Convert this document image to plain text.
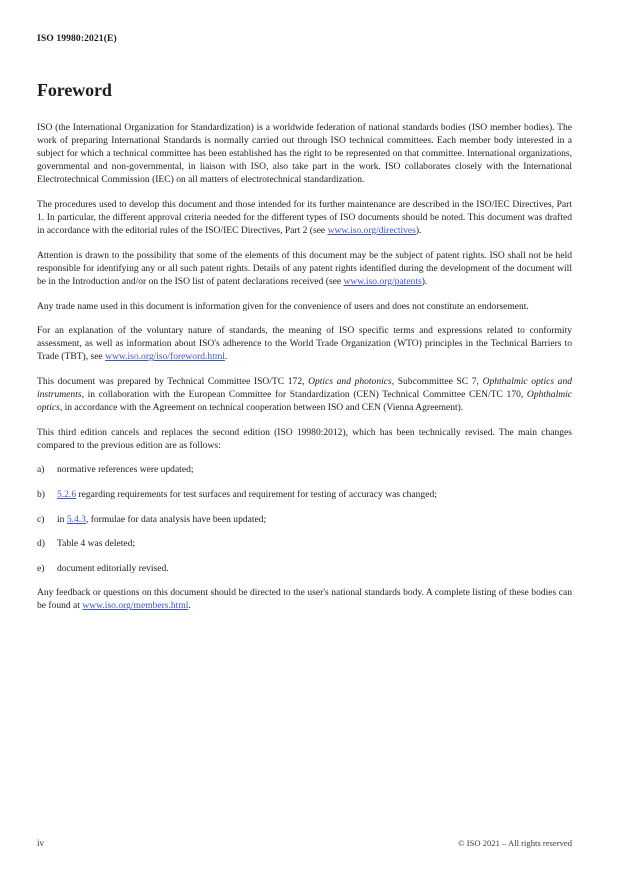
ISO 19980:2021(E)
Foreword

ISO (the International Organization for Standardization) is a worldwide federation of national standards bodies (ISO member bodies). The work of preparing International Standards is normally carried out through ISO technical committees. Each member body interested in a subject for which a technical committee has been established has the right to be represented on that committee. International organizations, governmental and non-governmental, in liaison with ISO, also take part in the work. ISO collaborates closely with the International Electrotechnical Commission (IEC) on all matters of electrotechnical standardization.

The procedures used to develop this document and those intended for its further maintenance are described in the ISO/IEC Directives, Part 1. In particular, the different approval criteria needed for the different types of ISO documents should be noted. This document was drafted in accordance with the editorial rules of the ISO/IEC Directives, Part 2 (see www.iso.org/directives).

Attention is drawn to the possibility that some of the elements of this document may be the subject of patent rights. ISO shall not be held responsible for identifying any or all such patent rights. Details of any patent rights identified during the development of the document will be in the Introduction and/or on the ISO list of patent declarations received (see www.iso.org/patents).

Any trade name used in this document is information given for the convenience of users and does not constitute an endorsement.

For an explanation of the voluntary nature of standards, the meaning of ISO specific terms and expressions related to conformity assessment, as well as information about ISO's adherence to the World Trade Organization (WTO) principles in the Technical Barriers to Trade (TBT), see www.iso.org/iso/foreword.html.

This document was prepared by Technical Committee ISO/TC 172, Optics and photonics, Subcommittee SC 7, Ophthalmic optics and instruments, in collaboration with the European Committee for Standardization (CEN) Technical Committee CEN/TC 170, Ophthalmic optics, in accordance with the Agreement on technical cooperation between ISO and CEN (Vienna Agreement).

This third edition cancels and replaces the second edition (ISO 19980:2012), which has been technically revised. The main changes compared to the previous edition are as follows:

a) normative references were updated;
b) 5.2.6 regarding requirements for test surfaces and requirement for testing of accuracy was changed;
c) in 5.4.3, formulae for data analysis have been updated;
d) Table 4 was deleted;
e) document editorially revised.

Any feedback or questions on this document should be directed to the user's national standards body. A complete listing of these bodies can be found at www.iso.org/members.html.

iv	© ISO 2021 – All rights reserved
